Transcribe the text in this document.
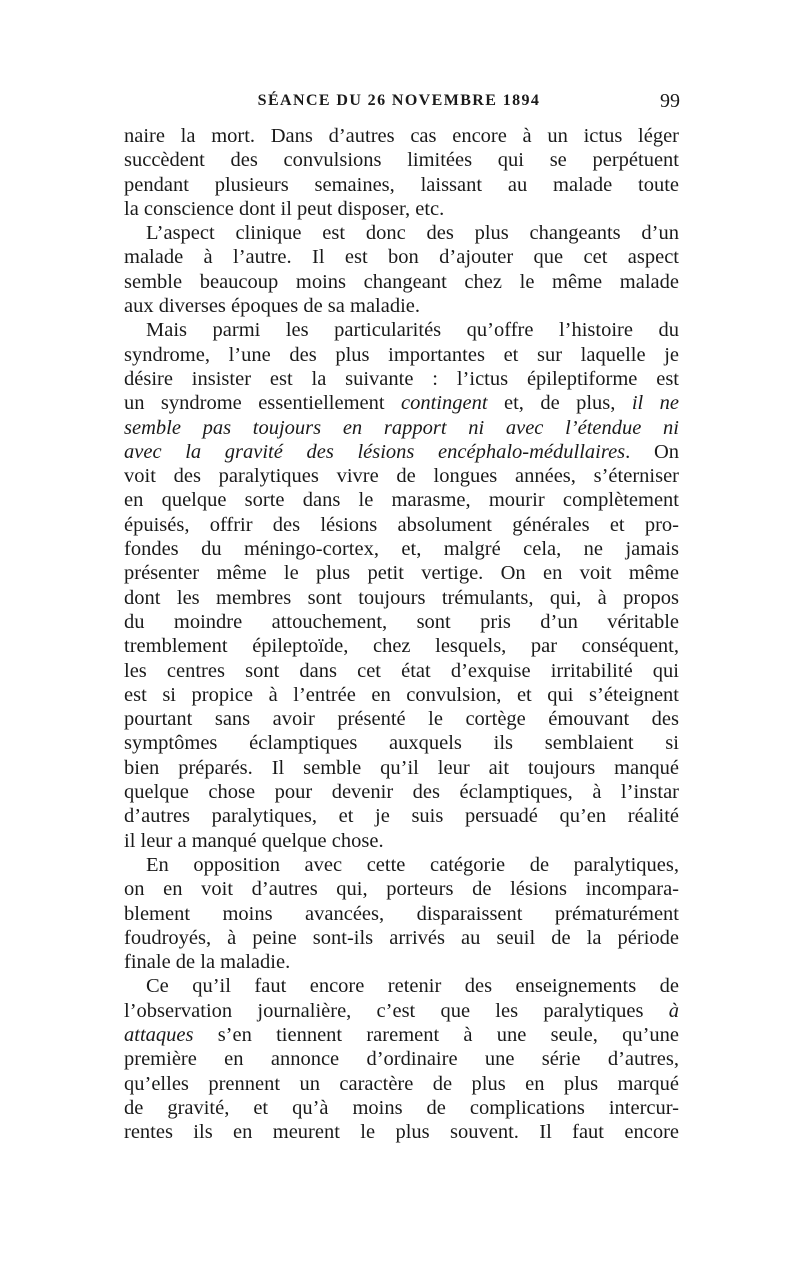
SÉANCE DU 26 NOVEMBRE 1894	99
naire la mort. Dans d’autres cas encore à un ictus léger
succèdent des convulsions limitées qui se perpétuent
pendant plusieurs semaines, laissant au malade toute
la conscience dont il peut disposer, etc.
L’aspect clinique est donc des plus changeants d’un
malade à l’autre. Il est bon d’ajouter que cet aspect
semble beaucoup moins changeant chez le même malade
aux diverses époques de sa maladie.
Mais parmi les particularités qu’offre l’histoire du
syndrome, l’une des plus importantes et sur laquelle je
désire insister est la suivante : l’ictus épileptiforme est
un syndrome essentiellement contingent et, de plus, il ne
semble pas toujours en rapport ni avec l’étendue ni
avec la gravité des lésions encéphalo-médullaires. On
voit des paralytiques vivre de longues années, s’éterniser
en quelque sorte dans le marasme, mourir complètement
épuisés, offrir des lésions absolument générales et pro-
fondes du méningo-cortex, et, malgré cela, ne jamais
présenter même le plus petit vertige. On en voit même
dont les membres sont toujours trémulants, qui, à propos
du moindre attouchement, sont pris d’un véritable
tremblement épileptoïde, chez lesquels, par conséquent,
les centres sont dans cet état d’exquise irritabilité qui
est si propice à l’entrée en convulsion, et qui s’éteignent
pourtant sans avoir présenté le cortège émouvant des
symptômes éclamptiques auxquels ils semblaient si
bien préparés. Il semble qu’il leur ait toujours manqué
quelque chose pour devenir des éclamptiques, à l’instar
d’autres paralytiques, et je suis persuadé qu’en réalité
il leur a manqué quelque chose.
En opposition avec cette catégorie de paralytiques,
on en voit d’autres qui, porteurs de lésions incompara-
blement moins avancées, disparaissent prématurément
foudroyés, à peine sont-ils arrivés au seuil de la période
finale de la maladie.
Ce qu’il faut encore retenir des enseignements de
l’observation journalière, c’est que les paralytiques à
attaques s’en tiennent rarement à une seule, qu’une
première en annonce d’ordinaire une série d’autres,
qu’elles prennent un caractère de plus en plus marqué
de gravité, et qu’à moins de complications intercur-
rentes ils en meurent le plus souvent. Il faut encore
